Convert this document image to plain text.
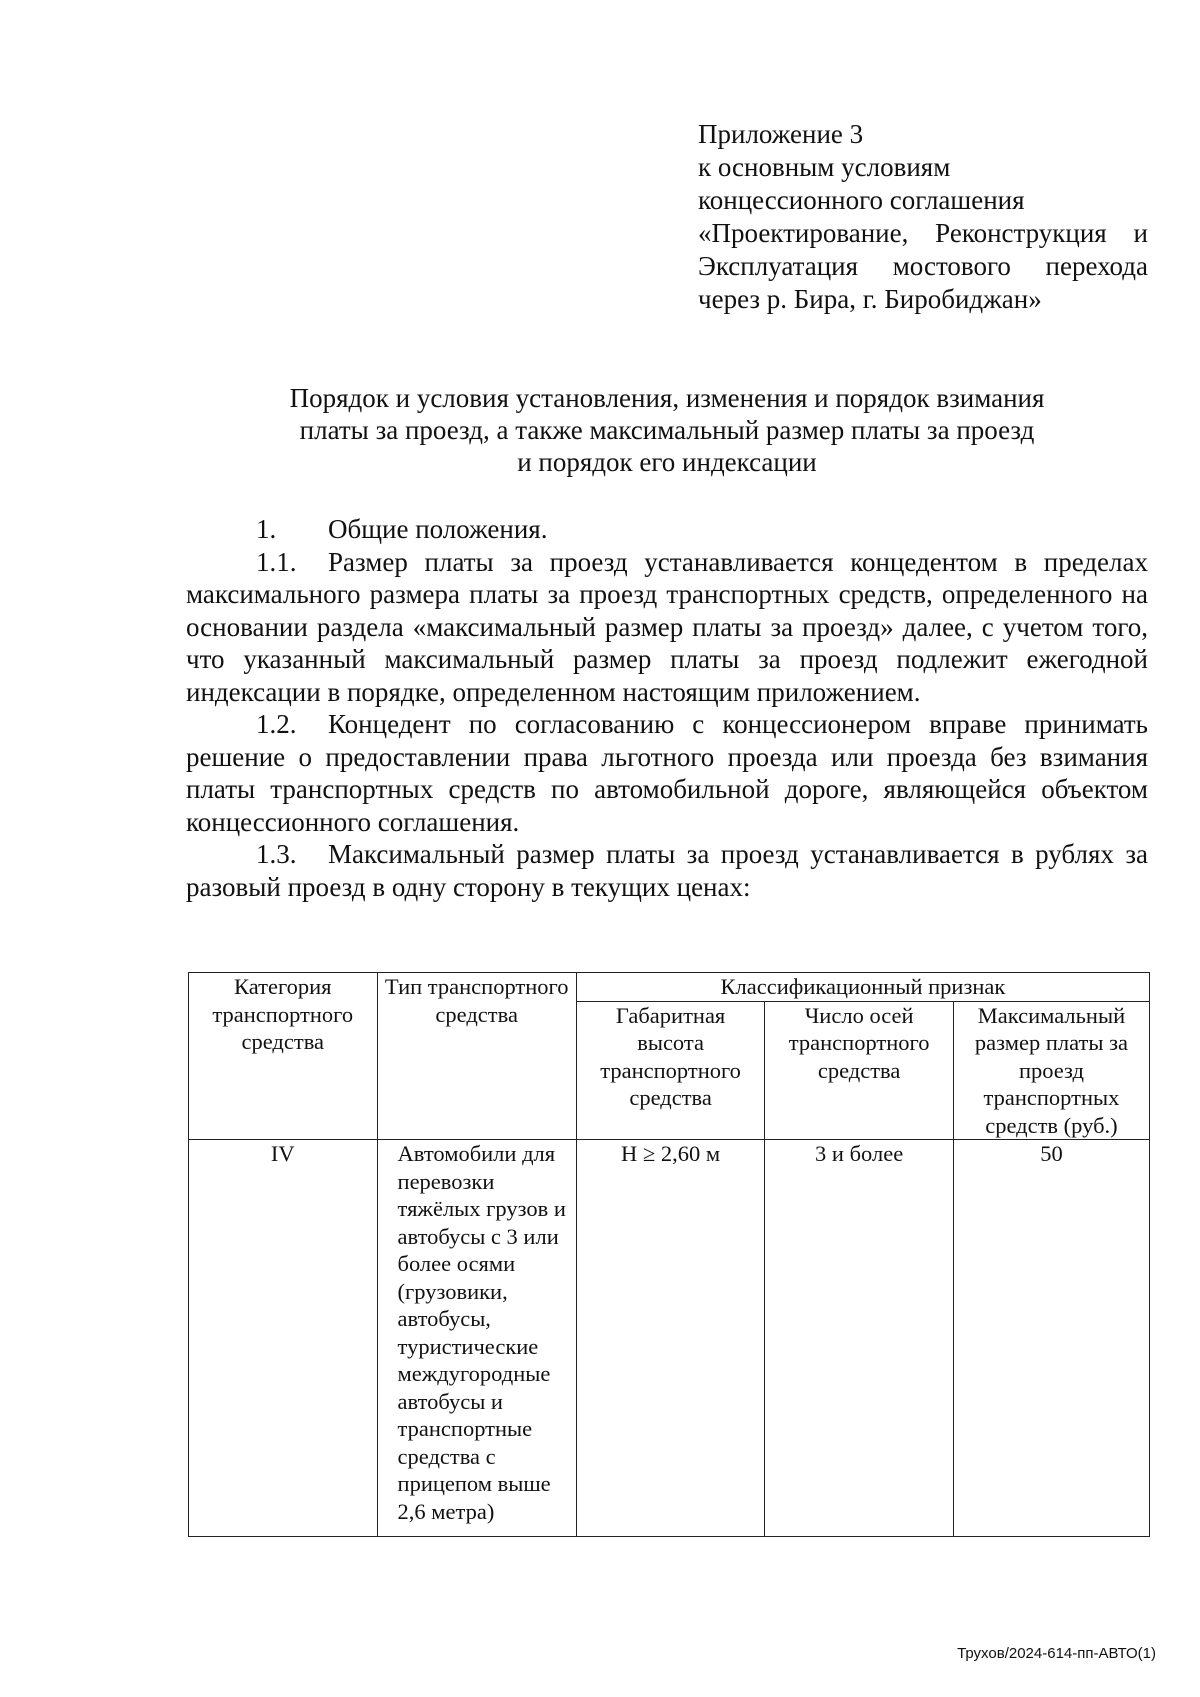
Приложение 3
к основным условиям
концессионного соглашения
«Проектирование, Реконструкция и
Эксплуатация мостового перехода
через р. Бира, г. Биробиджан»
Порядок и условия установления, изменения и порядок взимания
платы за проезд, а также максимальный размер платы за проезд
и порядок его индексации

1. Общие положения.

1.1. Размер платы за проезд устанавливается концедентом в пределах максимального размера платы за проезд транспортных средств, определенного на основании раздела «максимальный размер платы за проезд» далее, с учетом того, что указанный максимальный размер платы за проезд подлежит ежегодной индексации в порядке, определенном настоящим приложением.

1.2. Концедент по согласованию с концессионером вправе принимать решение о предоставлении права льготного проезда или проезда без взимания платы транспортных средств по автомобильной дороге, являющейся объектом концессионного соглашения.

1.3. Максимальный размер платы за проезд устанавливается в рублях за разовый проезд в одну сторону в текущих ценах:

Категория транспортного средства	Тип транспортного средства	Классификационный признак		
		Габаритная высота транспортного средства	Число осей транспортного средства	Максимальный размер платы за проезд транспортных средств (руб.)
IV	Автомобили для перевозки тяжёлых грузов и автобусы с 3 или более осями (грузовики, автобусы, туристические междугородные автобусы и транспортные средства с прицепом выше 2,6 метра)	H ≥ 2,60 м	3 и более	50
Трухов/2024-614-пп-АВТО(1)
